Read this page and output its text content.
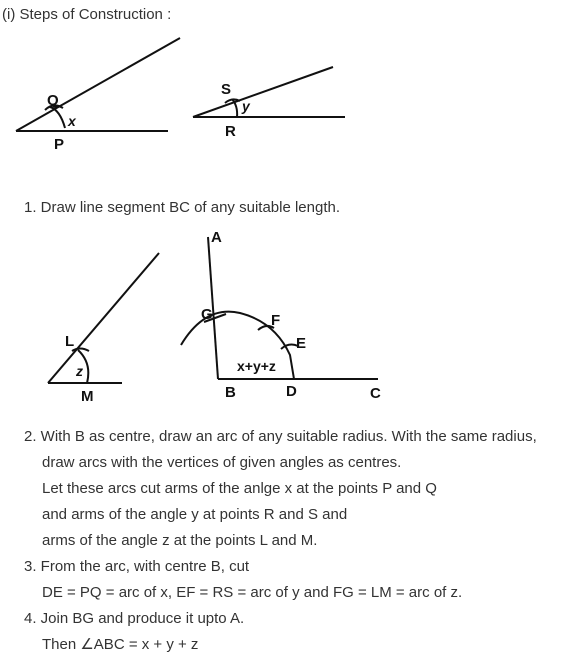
(i) Steps of Construction :
Q
x
P
S
y
R
1. Draw line segment BC of any suitable length.
L
z
M
A
G	F
E
x+y+z
B	D	C
2. With B as centre, draw an arc of any suitable radius. With the same radius,
draw arcs with the vertices of given angles as centres.
Let these arcs cut arms of the anlge x at the points P and Q
and arms of the angle y at points R and S and
arms of the angle z at the points L and M.
3. From the arc, with centre B, cut
DE = PQ = arc of x, EF = RS = arc of y and FG = LM = arc of z.
4. Join BG and produce it upto A.
Then ∠ABC = x + y + z
